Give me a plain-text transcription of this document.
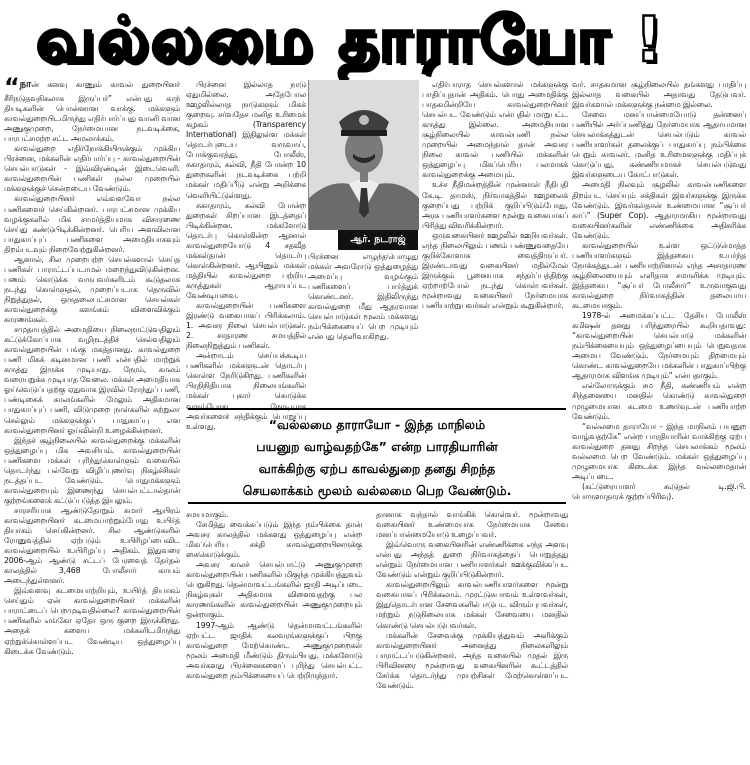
வல்லமை தாராயோ !

“நான் கனவு காணும் காவல் துறையினர் சீரிநடுதவநிகலாக இருப்பர்” என்பது காந் தியடிகளின் பொன்னான வாக்கு. மக்களும் காவல்துறையிடமிருந்து எதிர்பார்ப்பது வானி வான அணுகுமுறை, நேர்மையான நடவடிக்கை, பாரபட்சமற்ற சட்ட அமலாக்கம்.

காவல்துறை எதிர்நோக்கியிருக்கும் முக்கிய பிரச்னை, மக்களின் எதிர்பார்ப்பு - காவல்துறையின் செயல்பாடுகள் - இவ்விரண்டின் இடைவெளி. காவல்துறையின் பணிகள் நல்ல முறையில் மக்களுக்குச் சென்றடைய வேண்டும்.

காவல்துறையினர் எவ்வளவோ நல்ல பணிகளைச் செய்கின்றனர். பாரபட்சமான முக்கிய வழக்குகளில் மிக சாமர்த்தியமாக விசாரணை செய்து கண்டுபிடிக்கின்றனர். பெரிய அளவிலான பாதுகாப்புப் பணிகளை அமைதியாகவும் திறம்படவும் நிறைவேற்றுகின்றனர்.

ஆனால், சில முறைபற்ற செயல்களால் செய்த பணிகள் பாராட்டப்படாமல் மறைந்துவிடுகின்றன. பணம் கொடுக்க வருபவர்களிடம் கூடுதலாக நடந்து கொள்ளுதல், முறைப்படாக தெருவில் நிறுத்துதல், ஒருதலைபட்சமான செயல்கள் காவல்துறைக்கு களங்கம் விளைவிக்கும் காரணங்கள்.

சமுதாயத்தில் அமைதியை நிலைநாட்டுவதிலும் கட்டுக்கோப்பாக வழிநடத்திச் செல்வதிலும் காவல்துறையின் பங்கு மகத்தானது. காவல்துறை பணி மிகக் கடினமான பணி என்பதில் மாற்றுக் கருத்து இருக்க முடியாது. நேரம், காலம் வரையறுக்க முடியாத வேலை. மக்கள் அமைதியாக ஓய்வெடுப்பதற்கு ஏதுவாக இரவில் ரோந்துப் பணி, பண்டிகைக் காலங்களில் மேலும் அதிகமான பாதுகாப்புப் பணி, விடுமுறை நாள்களில் சுற்றுலா செல்லும் மக்களுக்குப் பாதுகாப்பு என காவல்துறையினர் ஓய்வின்றி உழைக்கின்றனர்.

இந்தச் சூழ்நிலையில் காவல்துறைக்கு மக்களின் ஒத்துழைப்பு மிக அவசியம். காவல்துறையின் பணிகளை மக்கள் புரிந்துகொள்ளும் வகையில் தொடர்ந்து பல்வேறு விழிப்புணர்வு நிகழ்ச்சிகள் நடத்தப்பட வேண்டும். பொதுமக்களும் காவல்துறையும் இணைந்து செயல்பட்டால்தான் குற்றங்களைக் கட்டுப்படுத்த இயலும்.

சாரசரியாக ஆண்டுதோறும் சுமார் ஆயிரம் காவல்துறையினர் கடமையாற்றும்போது உயிர்த் தியாகம் செய்கின்றனர். சில ஆண்டுகளில் ரோனுவத்தில் ஏற்படும் உயிரிழப்பைவிட காவல்துறையில் உயிரிழப்பு அதிகம். இதுவரை 2006-ஆம் ஆண்டு சட்டப் பேரவைத் தேர்தல் காலத்தில் 3,468 போலீசார் காயம் அடைந்துள்ளனர்.

இவ்வளவு கடமையாற்றியும், உயிர்த் தியாகம் செய்தும் ஏன் காவல்துறையினர் மக்களின் பாராட்டைப் பெறமுடிவதில்லை? காவல்துறையின் பணிகளில் எங்கோ ஏதோ ஒரு குறை இருக்கிறது. அதைக் களைய மக்களிடமிருந்து ஏற்றுக்கொள்ளப்பட வேண்டிய ஒத்துழைப்பு கிடைக்க வேண்டும்.

பிரச்னை இல்லாத நாடு ஏதுமில்லை. அதேபோல ஊழலில்லாத நாடுகளும் மிகக் குறைவு. சர்வதேச மனித உரிமைக் கழகம் (Transparency International) இதிலுள்ள மக்கள் தொடர்புடைய வருவாய், போக்குவரத்து, போலீஸ், சுகாதாரம், கல்வி, நீதி போன்ற 10 துறைகளின் நடவடிக்கை பற்றி மக்கள் மதிப்பீடு என்று அறிக்கை வெளியிட்டுள்ளது.

சுகாதாரம், கல்வி போன்ற துறைகள் சிறப்பான இடத்தைப் பிடிக்கின்றன. மக்களோடு தொடர்பு கொள்கின்ற ஆனால் காவல்துறையோடு 4 சதவீத மக்கள்தான் தொடர்பு கொள்கின்றனர். ஆயினும் மக்கள் மத்தியில் காவல்துறை பற்றிய கருத்துகள் ஆராயப்பட வேண்டியவை.

காவல்துறையின் பணிகளை இரண்டு வகையாகப் பிரிக்கலாம். 1. அவசர நிலை செயல்பாடுகள். 2. சாதாரண சமயத்தில் நிலைநிறுத்தும் பணிகள்.

அன்றாடம் செய்யக்கூடிய பணிகளில் மக்களுடன் தொடர்பு கொள்ள நேரிடுகிறது. பணிகளின் பிரதிநிதியாக நிலையங்களில் மக்கள் புகார் கொடுக்க வரும்போது நேரடியாக அவர்களைச் சந்திக்கும் பொறுப்பு உள்ளது.

ஆர். நடராஜ்
பிரச்னை எழுந்தபொழுது மக்கள் அவரோடு ஒத்துழைத்து அமைப்பு வழங்கும் பணிகளைப் பார்த்துக் கொண்டனர். இதிலிருந்து காவல்துறை மீது ஆதரவான செயல்பாடுகள் மூலம் மக்களது நம்பிக்கையைப் பெற முடியும் என்பது தெளிவாகிறது.

எதிர்பாராத செயல்களால் மக்களுக்கு பாதிப்புதான் அதிகம். பொது அமைதிக்கு பாதகமின்றியே காவல்துறையினர் செயல்பட வேண்டும் என்பதில் மாறுபட்ட கருத்து இல்லை. அமைதியான சூழ்நிலையில் காவல்பணி நல்ல முறையில் அமைந்தால் தான் அவசர நிலை காவல் பணியில் மக்களின் ஒத்துழைப்பு மிகப்பெரிய பலமாகக் காவல்துறைக்கு அமையும்.

உச்ச நீதிமன்றத்தின் முன்னாள் நீதிபதி கே.டி. தாமஸ், நிர்வாகத்தில் ஊழலைக் குறைப்பது பற்றிக் குறிப்பிடும்போது, அரசு பணியாளர்களை மூன்று வகையாகப் பிரித்து விவரிக்கின்றார்.

ஒருவகையினர் ஊழலில் ஊறியவர்கள். எந்த நிலையிலும் பணம் பண்ணுவதையே குறிக்கோளாக வைத்திருப்பர். இரண்டாவது வகையினர் மதில்மேல் இருக்கும் பூனையாக சந்தர்ப்பத்திற்கு ஏற்றாற்போல் நடந்து கொள்பவர்கள். மூன்றாவது வகையினர் நேர்மையாக பணியாற்றுபவர்கள் என்றும் கூறுகின்றார்.

“வல்லமை தாராயோ - இந்த மாநிலம்
பயனுற வாழ்வதற்கே” என்ற பாரதியாரின்
வாக்கிற்கு ஏற்ப காவல்துறை தனது சிறந்த
செயலாக்கம் மூலம் வல்லமை பெற வேண்டும்.

சமயமாகும்.

சேமித்து வைக்கப்படும் இந்த நம்பிக்கை தான் அவசர காலத்தில் மக்களது ஒத்துழைப்பு என்ற மிகப்பெரிய சக்தி காவல்துறையினருக்கு கைகொடுக்கும்.

அவசர காலச் செயல்பாட்டு அணுகுமுறை காவல்துறையின் பணிகளில் மிகுந்த முக்கியத்துவம் பெறுகிறது. தென்மாவட்டங்களில் ஜாதி அடிப்படை நிகழ்வுகள் அதிகமாக விளைவதற்கு பல காரணங்களில் காவல்துறையின் அணுகுமுறையும் ஒன்றாகும்.

1997-ஆம் ஆண்டு தென்மாவட்டங்களில் ஏற்பட்ட ஜாதிக் கலவரங்களுக்குப் பிறகு காவல்துறை மேற்கொண்ட அணுகுமுறைகள் மூலம் அமைதி மீண்டும் திரும்பியது. மக்களோடு அவர்களது பிரச்னைகளைப் புரிந்து செயல்பட்ட காவல்துறை நம்பிக்கையைப் பெற்றிருந்தார்.

தானாக வந்தால் வாங்கிக் கொள்வர். மூன்றாவது வகையினர் உண்மையாக நேர்மையாக சேவை மனப்பான்மையோடு உழைப்பவர்.

இவ்வொரு வகையினரின் எண்ணிக்கை எந்த அளவு என்பது அந்தத் துறை நிர்வாகத்தைப் பொறுத்தது என்றும் நேர்மையான பணியாளர்கள் ஊக்குவிக்கப்பட வேண்டும் என்றும் குறிப்பிடுகின்றார்.

காவல்துறையிலும் காவல்பணியாளர்களை மூன்று வகையாகப் பிரிக்கலாம். முரட்டுசுபாவம் உள்ளவர்கள், இதுதொடர்பான சேவைகளில் ஈடுபட விரும்புபவர்கள், மற்றும் நடுநிலையாக மக்கள் சேவையை மனதில் கொண்டு செயல்படுபவர்கள்.

மக்களின் சேவைக்கு முக்கியத்துவம் அளிக்கும் காவல்துறையினர் அனைத்து நிலைகளிலும் பாராட்டப்படுகின்றனர். அந்த வகையில் முதல் இரு பிரிவினரை மூன்றாவது வகையினரின் கூட்டத்தில் சேர்க்க தொடர்ந்து முயற்சிகள் மேற்கொள்ளப்பட வேண்டும்.

வர். சாதகமான சூழ்நிலையில் தங்களது பாதிப்பு இல்லாத வகையில் அதாவது தேடுபவர். இவர்களால் மக்களுக்கு நன்மை இல்லை.

சேவை மனப்பான்மையோடு தன்னைப் பணியில் அர்ப்பணித்து நேர்மையாக ஆதாயமான செயலாக்கத்துடன் செயல்படும் காவல் பணியாளர்கள் தலைக்குப் பாதுகாப்பு நம்பிக்கை பெறும் காவலர். மனித உரிமைகளுக்கு மதிப்புக் கொடுப்பது, கண்ணியமாகச் செயல்படுவது இவர்களுடைய கோட்பாடுகள்.

அமைதி நிலவும் சூழலில் காவல்பணிகளை திறம்பட செய்யும் சக்திகள் இவர்களுக்கு இருக்க வேண்டும். இவர்கள்தான் உண்மையான “சூப்பர் காப்” (Super Cop). ஆதாரமாகிய மூன்றாவது வகையினர்களின் எண்ணிக்கை அதிகரிக்க வேண்டும்.

காவல்துறையில் உள்ள ஒட்டுமொத்த பணியாளர்களும் இத்தகைய உயர்ந்த நோக்கத்துடன் பணியாற்றினால் எந்த அசாதாரண சூழ்நிலையையும் எளிதாக சமாளிக்க முடியும். இத்தகைய “சூப்பர் போலீசார்” உருவாகுவது காவல்துறை நிர்வாகத்தின் தலையாய கடமையாகும்.

1978-ல் அமைக்கப்பட்ட தேசிய போலீஸ் கமிஷன் தனது பரிந்துரையில் கூறியதாவது: “காவல்துறையின் செயல்பாடு மக்களின் நம்பிக்கையையும் ஒத்துழைப்பையும் பெறுவதாக அமைய வேண்டும். நேர்மையும் திறமையும் கொண்ட காவல்துறையே மக்களின் பாதுகாப்பிற்கு ஆதாரமாக விளங்க முடியும்” என்பதாகும்.

எல்லோருக்கும் சம நீதி, கண்ணியம் என்ற சிந்தனையை மனதில் கொண்டு காவல்துறை முழுமையான கடமை உணர்வுடன் பணியாற்ற வேண்டும்.

“வல்லமை தாராயோ - இந்த மாநிலம் பயனுற வாழ்வதற்கே” என்ற பாரதியாரின் வாக்கிற்கு ஏற்ப காவல்துறை தனது சிறந்த செயலாக்கம் மூலம் வல்லமை பெற வேண்டும். மக்கள் ஒத்துழைப்பு முழுமையாக கிடைக்க இந்த வல்லமைதான் அடிப்படை.

(கட்டுரையாளர் கூடுதல் டி.ஜி.பி. பொருளாதாரக் குற்றப்பிரிவு).
